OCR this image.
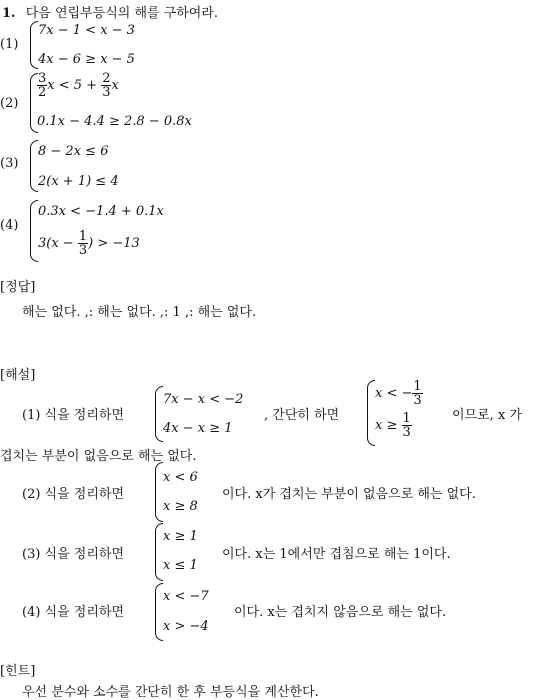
1. 다음 연립부등식의 해를 구하여라.
(1)
7x − 1 < x − 3
4x − 6 ≥ x − 5
(2)
$\frac{3}{2}$ $x < 5 + \frac{2}{3}$ x
0.1x − 4.4 ≥ 2.8 − 0.8x
(3)
8 − 2x ≤ 6
2(x + 1) ≤ 4
(4)
0.3x < −1.4 + 0.1x
$3(x - \frac{1}{3}$ ) > −13
[정답]
해는 없다. ,: 해는 없다. ,: 1 ,: 해는 없다.
[해설]
(1) 식을 정리하면
7x − x < −2
4x − x ≥ 1
, 간단히 하면
x < − $\frac{1}{3}$
$x \ge \frac{1}{3}$	이므로, x 가
겹치는 부분이 없음으로 해는 없다.
(2) 식을 정리하면
x < 6
x ≥ 8
이다. x가 겹치는 부분이 없음으로 해는 없다.
(3) 식을 정리하면
x ≥ 1
x ≤ 1
이다. x는 1에서만 겹침으로 해는 1이다.
(4) 식을 정리하면
x < −7
x > −4
이다. x는 겹치지 않음으로 해는 없다.
[힌트]
우선 분수와 소수를 간단히 한 후 부등식을 계산한다.
